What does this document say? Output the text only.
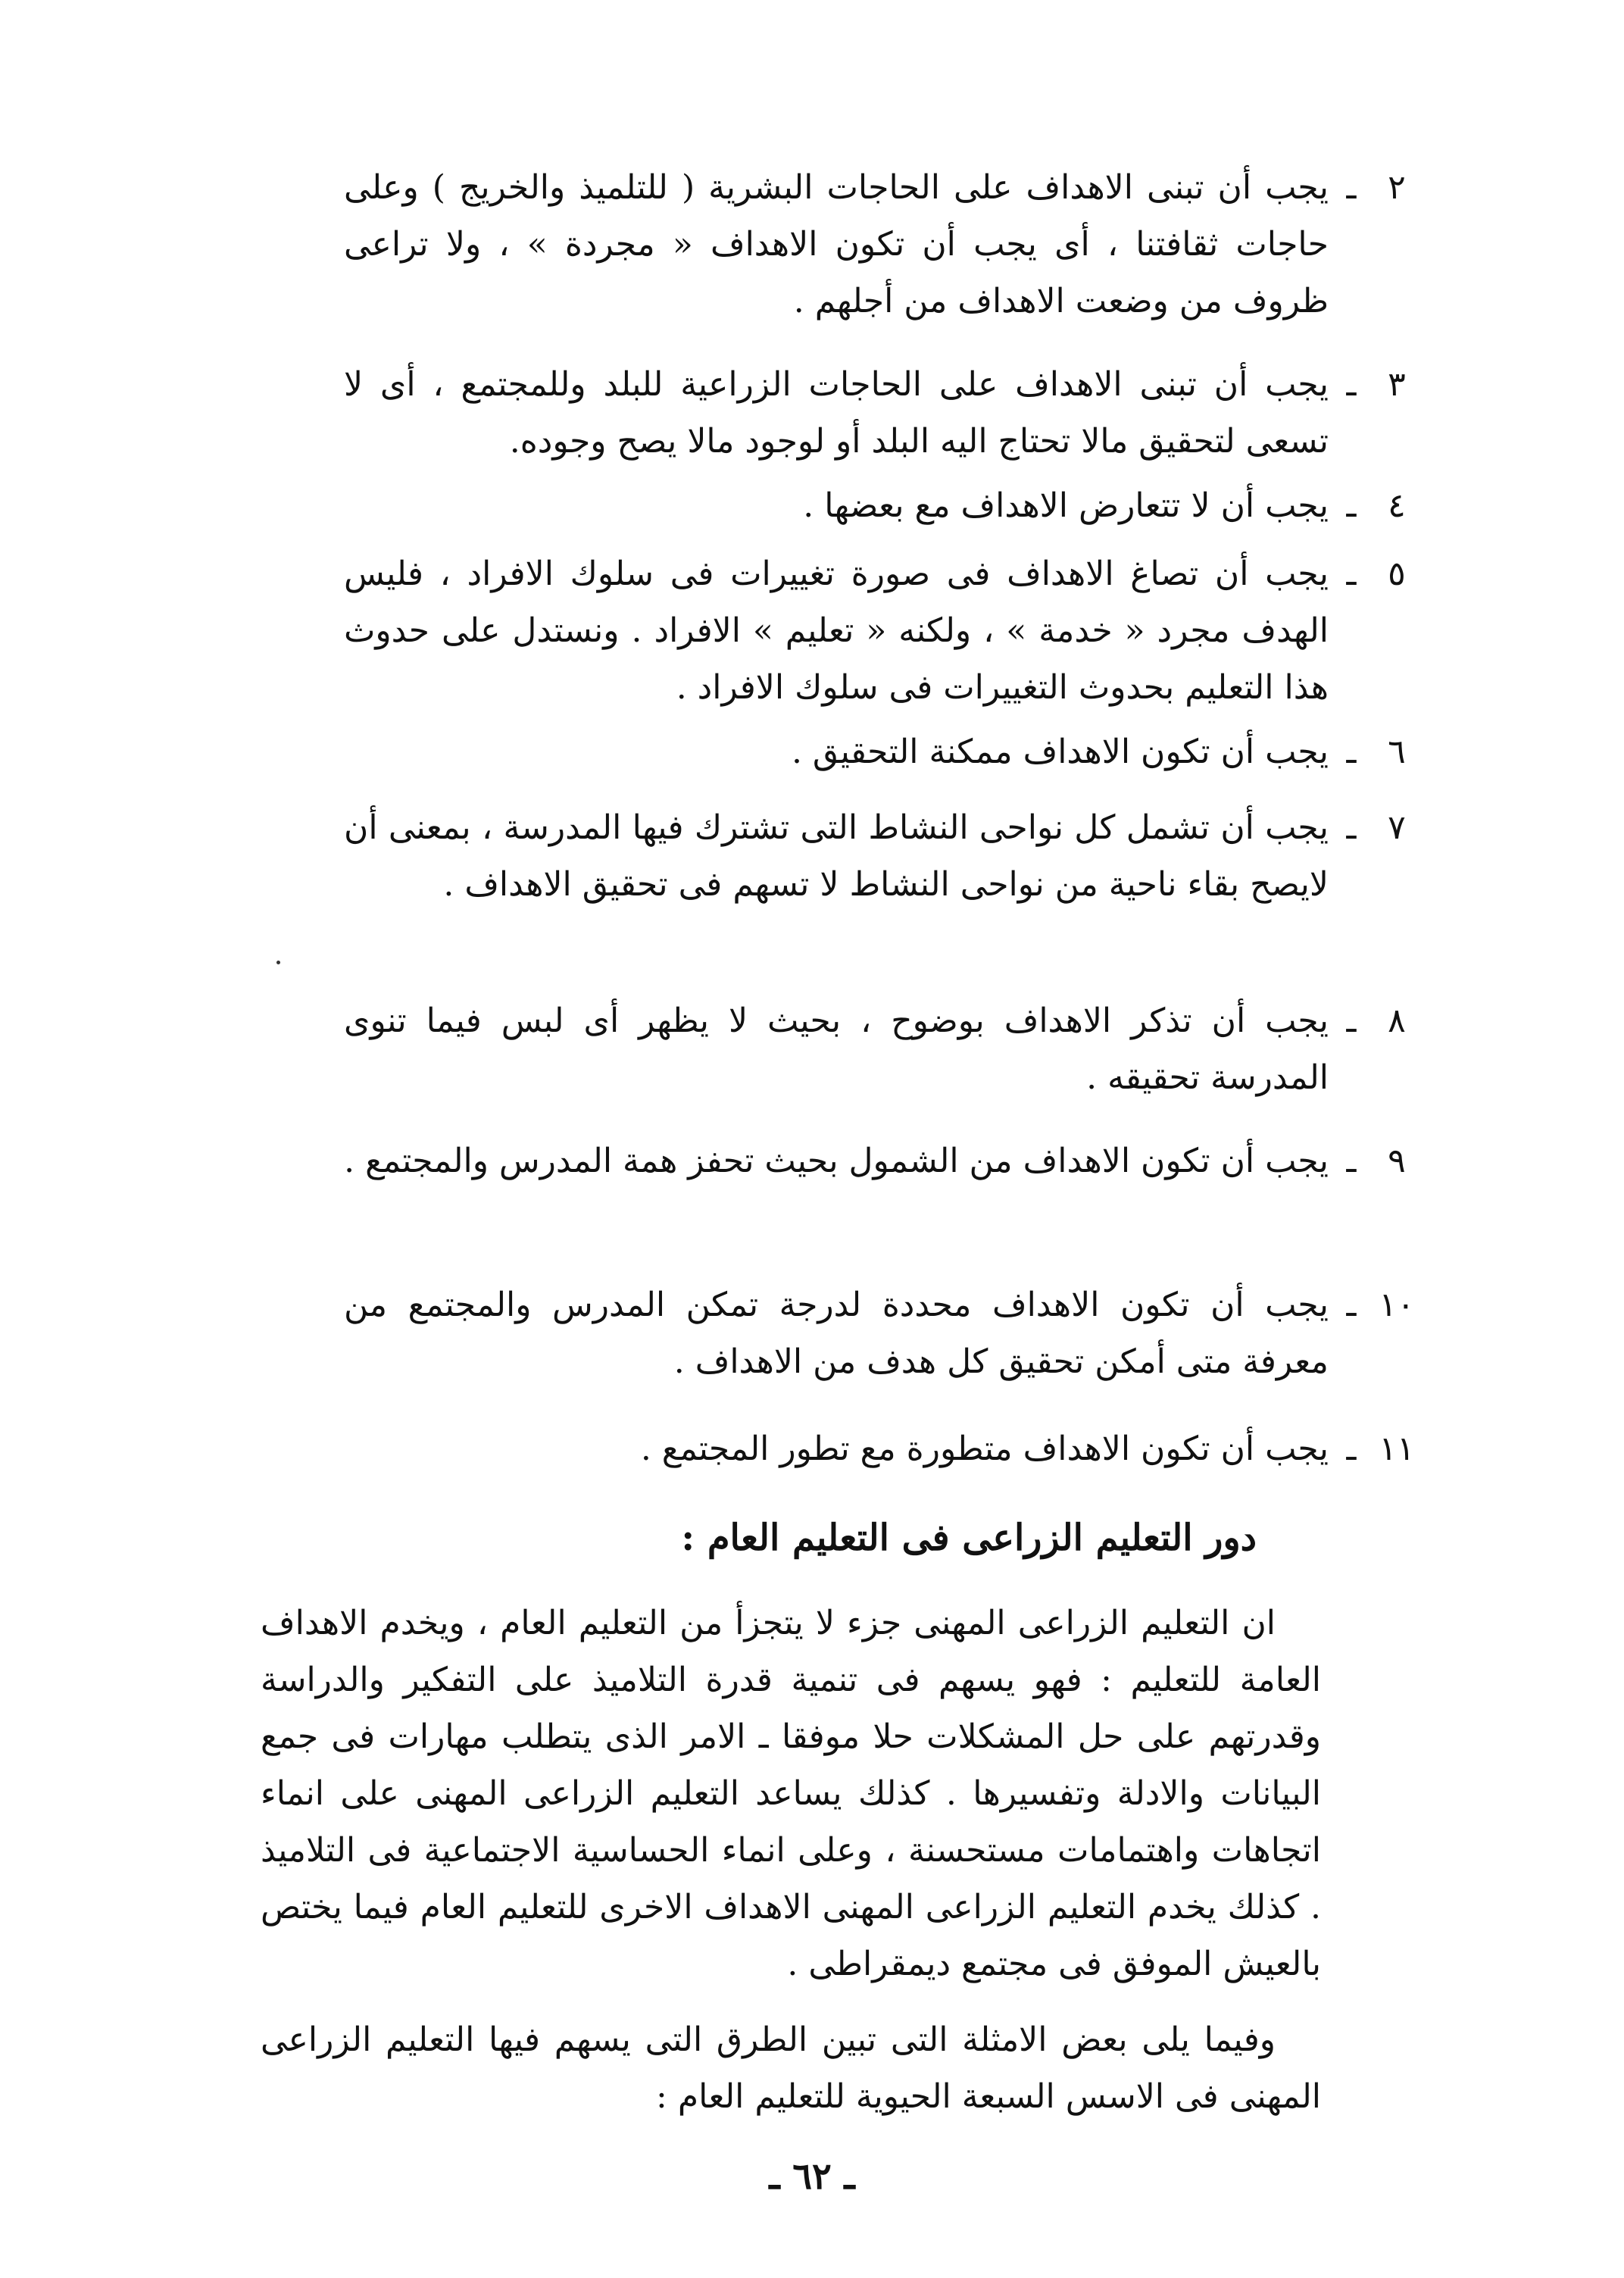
٢
ـ
يجب أن تبنى الاهداف على الحاجات البشرية ( للتلميذ والخريج ) وعلى حاجات ثقافتنا ، أى يجب أن تكون الاهداف « مجردة » ، ولا تراعى ظروف من وضعت الاهداف من أجلهم .
٣
ـ
يجب أن تبنى الاهداف على الحاجات الزراعية للبلد وللمجتمع ، أى لا تسعى لتحقيق مالا تحتاج اليه البلد أو لوجود مالا يصح وجوده.
٤
ـ
يجب أن لا تتعارض الاهداف مع بعضها .
٥
ـ
يجب أن تصاغ الاهداف فى صورة تغييرات فى سلوك الافراد ، فليس الهدف مجرد « خدمة » ، ولكنه « تعليم » الافراد . ونستدل على حدوث هذا التعليم بحدوث التغييرات فى سلوك الافراد .
٦
ـ
يجب أن تكون الاهداف ممكنة التحقيق .
٧
ـ
يجب أن تشمل كل نواحى النشاط التى تشترك فيها المدرسة ، بمعنى أن لايصح بقاء ناحية من نواحى النشاط لا تسهم فى تحقيق الاهداف .
٨
ـ
يجب أن تذكر الاهداف بوضوح ، بحيث لا يظهر أى لبس فيما تنوى المدرسة تحقيقه .
٩
ـ
يجب أن تكون الاهداف من الشمول بحيث تحفز همة المدرس والمجتمع .
١٠
ـ
يجب أن تكون الاهداف محددة لدرجة تمكن المدرس والمجتمع من معرفة متى أمكن تحقيق كل هدف من الاهداف .
١١
ـ
يجب أن تكون الاهداف متطورة مع تطور المجتمع .
دور التعليم الزراعى فى التعليم العام :

ان التعليم الزراعى المهنى جزء لا يتجزأ من التعليم العام ، ويخدم الاهداف العامة للتعليم : فهو يسهم فى تنمية قدرة التلاميذ على التفكير والدراسة وقدرتهم على حل المشكلات حلا موفقا ـ الامر الذى يتطلب مهارات فى جمع البيانات والادلة وتفسيرها . كذلك يساعد التعليم الزراعى المهنى على انماء اتجاهات واهتمامات مستحسنة ، وعلى انماء الحساسية الاجتماعية فى التلاميذ . كذلك يخدم التعليم الزراعى المهنى الاهداف الاخرى للتعليم العام فيما يختص بالعيش الموفق فى مجتمع ديمقراطى .

وفيما يلى بعض الامثلة التى تبين الطرق التى يسهم فيها التعليم الزراعى المهنى فى الاسس السبعة الحيوية للتعليم العام :

ـ ٦٢ ـ
